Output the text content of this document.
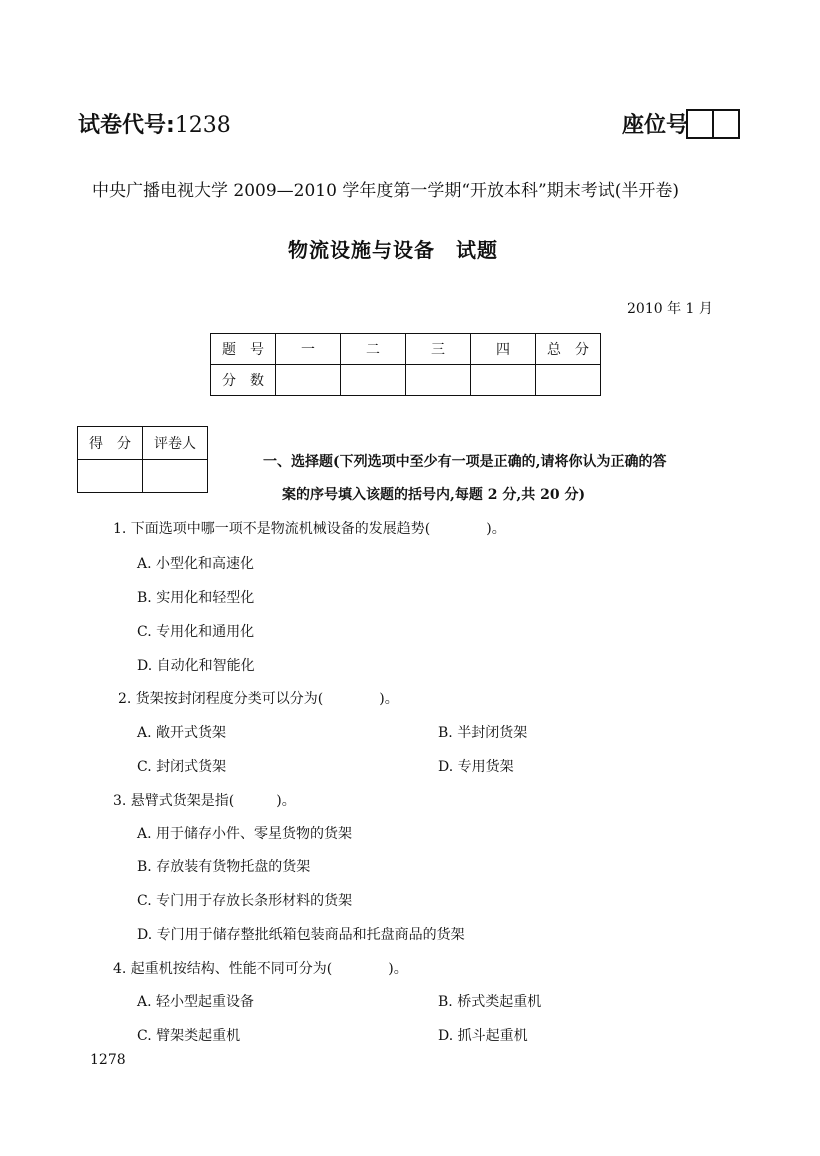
试卷代号:1238	座位号
中央广播电视大学 2009—2010 学年度第一学期“开放本科”期末考试(半开卷)
物流设施与设备　试题
2010 年 1 月
题　号	一	二	三	四	总　分
分　数					
得　分	评卷人

一、选择题(下列选项中至少有一项是正确的,请将你认为正确的答
案的序号填入该题的括号内,每题 2 分,共 20 分)
1. 下面选项中哪一项不是物流机械设备的发展趋势(　　　　)。
A. 小型化和高速化
B. 实用化和轻型化
C. 专用化和通用化
D. 自动化和智能化
2. 货架按封闭程度分类可以分为(　　　　)。
A. 敞开式货架	B. 半封闭货架
C. 封闭式货架	D. 专用货架
3. 悬臂式货架是指(　　　)。
A. 用于储存小件、零星货物的货架
B. 存放装有货物托盘的货架
C. 专门用于存放长条形材料的货架
D. 专门用于储存整批纸箱包装商品和托盘商品的货架
4. 起重机按结构、性能不同可分为(　　　　)。
A. 轻小型起重设备	B. 桥式类起重机
C. 臂架类起重机	D. 抓斗起重机
1278
